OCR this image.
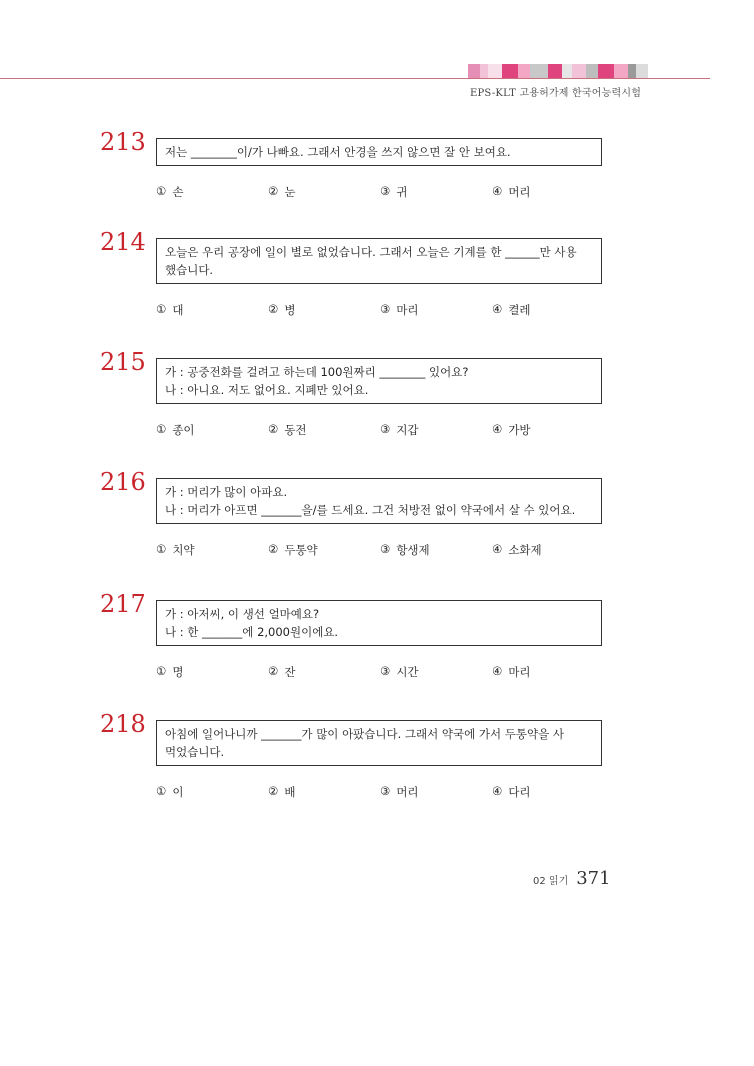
EPS-KLT 고용허가제 한국어능력시험
213 저는 ________이/가 나빠요. 그래서 안경을 쓰지 않으면 잘 안 보여요.
① 손	② 눈	③ 귀	④ 머리
214 오늘은 우리 공장에 일이 별로 없었습니다. 그래서 오늘은 기계를 한 ______만 사용
했습니다.
① 대	② 병	③ 마리	④ 켤레
215 가 : 공중전화를 걸려고 하는데 100원짜리 ________ 있어요?
나 : 아니요. 저도 없어요. 지폐만 있어요.
① 종이	② 동전	③ 지갑	④ 가방
216 가 : 머리가 많이 아파요.
나 : 머리가 아프면 _______을/를 드세요. 그건 처방전 없이 약국에서 살 수 있어요.
① 치약	② 두통약	③ 항생제	④ 소화제
217 가 : 아저씨, 이 생선 얼마예요?
나 : 한 _______에 2,000원이에요.
① 명	② 잔	③ 시간	④ 마리
218 아침에 일어나니까 _______가 많이 아팠습니다. 그래서 약국에 가서 두통약을 사
먹었습니다.
① 이	② 배	③ 머리	④ 다리
02 읽기 371
